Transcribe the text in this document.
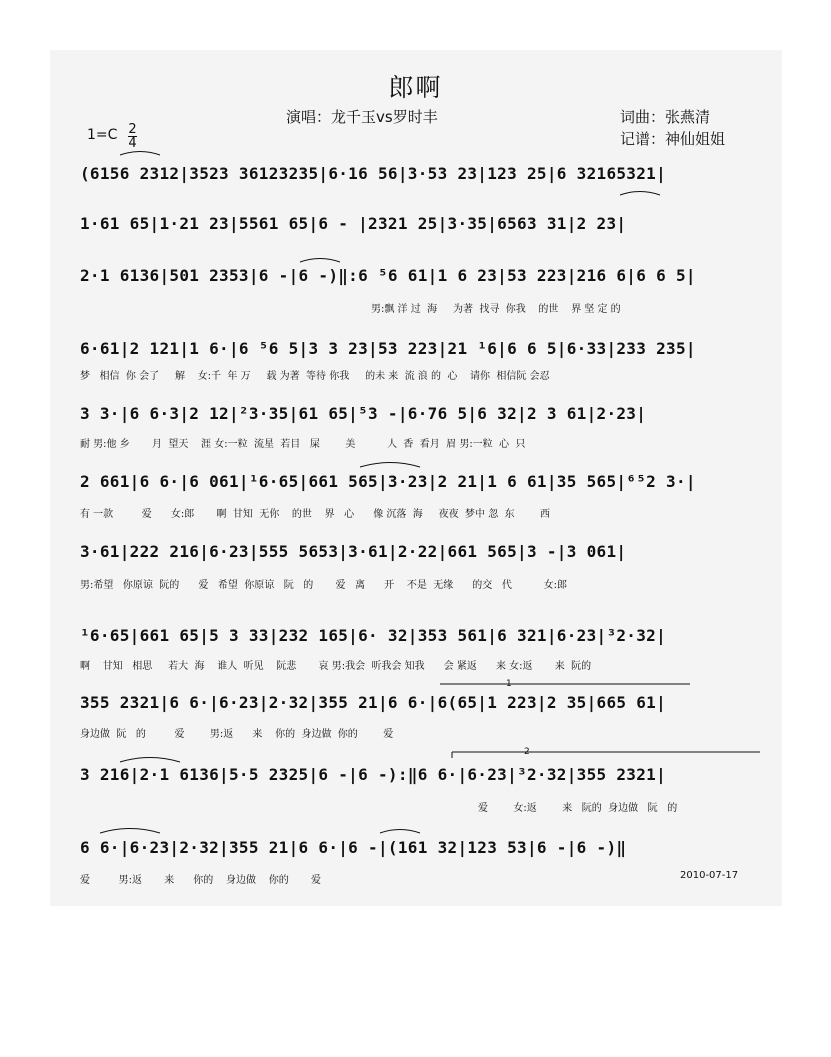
郎啊
演唱：龙千玉vs罗时丰	词曲：张燕清
记谱：神仙姐姐
1=C 2
4
(6156 2312|3523 36123235|6·16 56|3·53 23|123 25|6 32165321|
1·61 65|1·21 23|5561 65|6 - |2321 25|3·35|6563 31|2 23|
2·1 6136|501 2353|6 -|6 -)‖:6 ⁵6 61|1 6 23|53 223|216 6|6 6 5|
男:飘 洋 过  海     为著  找寻  你我    的世    界 坚 定 的
6·61|2 121|1 6·|6 ⁵6 5|3 3 23|53 223|21 ¹6|6 6 5|6·33|233 235|
梦   相信  你 会了     解    女:千  年 万     载 为著  等待 你我     的未 来  流 浪 的  心    请你  相信阮 会忍
3 3·|6 6·3|2 12|²3·35|61 65|⁵3 -|6·76 5|6 32|2 3 61|2·23|
耐 男:他 乡       月  望天    涯 女:一粒  流星  若目   屎        美          人  香  看月  眉 男:一粒  心  只
2 661|6 6·|6 061|¹6·65|661 565|3·23|2 21|1 6 61|35 565|⁶⁵2 3·|
有 一款         爱      女:郎       啊  甘知  无你    的世    界   心      像 沉落  海     夜夜  梦中 忽  东        西
3·61|222 216|6·23|555 5653|3·61|2·22|661 565|3 -|3 061|
男:希望   你原谅  阮的      爱   希望  你原谅   阮   的       爱   离      开    不是  无缘      的交   代          女:郎
¹6·65|661 65|5 3 33|232 165|6· 32|353 561|6 321|6·23|³2·32|
啊    甘知   相思     若大  海    谁人  听见    阮悲       哀 男:我会  听我会 知我      会 紧返      来 女:返       来  阮的
355 2321|6 6·|6·23|2·32|355 21|6 6·|6(65|1 223|2 35|665 61|
身边做  阮   的         爱        男:返      来    你的  身边做  你的        爱
3 216|2·1 6136|5·5 2325|6 -|6 -):‖6 6·|6·23|³2·32|355 2321|
爱        女:返        来   阮的  身边做   阮   的
6 6·|6·23|2·32|355 21|6 6·|6 -|(161 32|123 53|6 -|6 -)‖
爱         男:返       来      你的    身边做    你的       爱	2010-07-17
1
2
